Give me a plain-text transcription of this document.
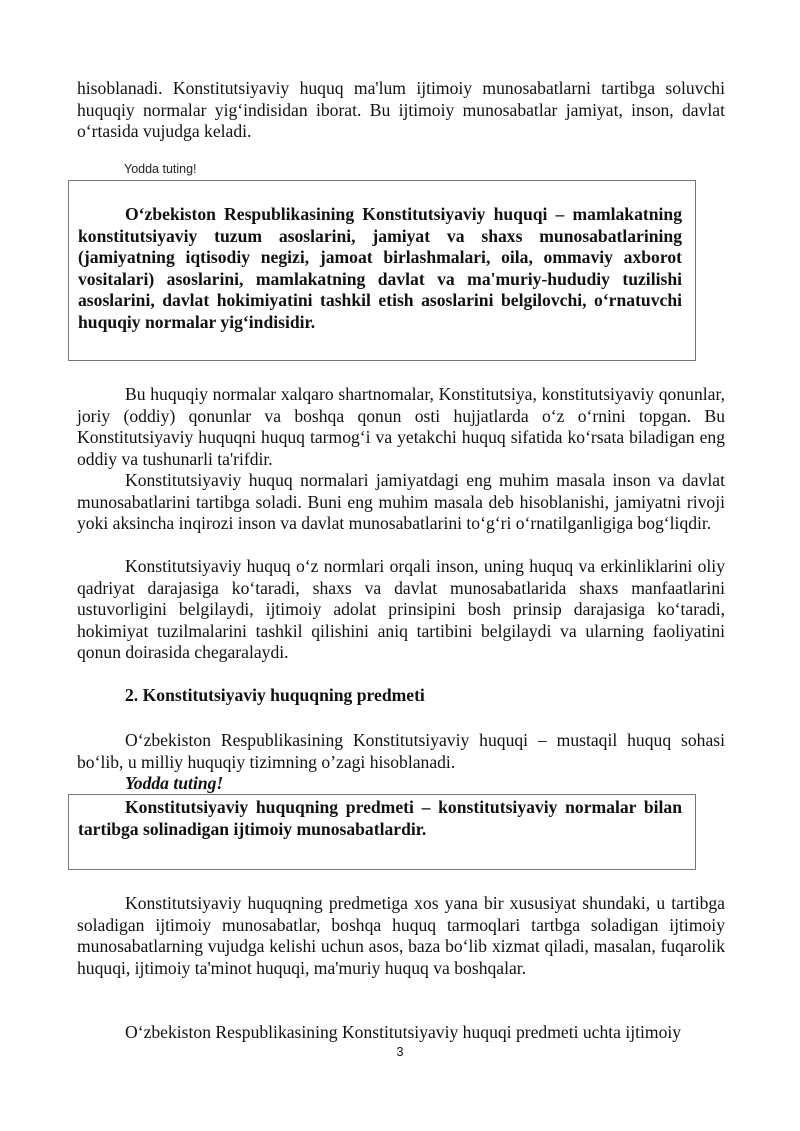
hisoblanadi. Konstitutsiyaviy huquq ma'lum ijtimoiy munosabatlarni tartibga soluvchi huquqiy normalar yig‘indisidan iborat. Bu ijtimoiy munosabatlar jamiyat, inson, davlat o‘rtasida vujudga keladi.

Yodda tuting!

O‘zbekiston Respublikasining Konstitutsiyaviy huquqi – mamlakatning konstitutsiyaviy tuzum asoslarini, jamiyat va shaxs munosabatlarining (jamiyatning iqtisodiy negizi, jamoat birlashmalari, oila, ommaviy axborot vositalari) asoslarini, mamlakatning davlat va ma'muriy-hududiy tuzilishi asoslarini, davlat hokimiyatini tashkil etish asoslarini belgilovchi, o‘rnatuvchi huquqiy normalar yig‘indisidir.

Bu huquqiy normalar xalqaro shartnomalar, Konstitutsiya, konstitutsiyaviy qonunlar, joriy (oddiy) qonunlar va boshqa qonun osti hujjatlarda o‘z o‘rnini topgan. Bu Konstitutsiyaviy huquqni huquq tarmog‘i va yetakchi huquq sifatida ko‘rsata biladigan eng oddiy va tushunarli ta'rifdir.

Konstitutsiyaviy huquq normalari jamiyatdagi eng muhim masala inson va davlat munosabatlarini tartibga soladi. Buni eng muhim masala deb hisoblanishi, jamiyatni rivoji yoki aksincha inqirozi inson va davlat munosabatlarini to‘g‘ri o‘rnatilganligiga bog‘liqdir.

Konstitutsiyaviy huquq o‘z normlari orqali inson, uning huquq va erkinliklarini oliy qadriyat darajasiga ko‘taradi, shaxs va davlat munosabatlarida shaxs manfaatlarini ustuvorligini belgilaydi, ijtimoiy adolat prinsipini bosh prinsip darajasiga ko‘taradi, hokimiyat tuzilmalarini tashkil qilishini aniq tartibini belgilaydi va ularning faoliyatini qonun doirasida chegaralaydi.

2. Konstitutsiyaviy huquqning predmeti

O‘zbekiston Respublikasining Konstitutsiyaviy huquqi – mustaqil huquq sohasi bo‘lib, u milliy huquqiy tizimning o’zagi hisoblanadi.

Yodda tuting!

Konstitutsiyaviy huquqning predmeti – konstitutsiyaviy normalar bilan tartibga solinadigan ijtimoiy munosabatlardir.

Konstitutsiyaviy huquqning predmetiga xos yana bir xususiyat shundaki, u tartibga soladigan ijtimoiy munosabatlar, boshqa huquq tarmoqlari tartbga soladigan ijtimoiy munosabatlarning vujudga kelishi uchun asos, baza bo‘lib xizmat qiladi, masalan, fuqarolik huquqi, ijtimoiy ta'minot huquqi, ma'muriy huquq va boshqalar.

O‘zbekiston Respublikasining Konstitutsiyaviy huquqi predmeti uchta ijtimoiy

3
